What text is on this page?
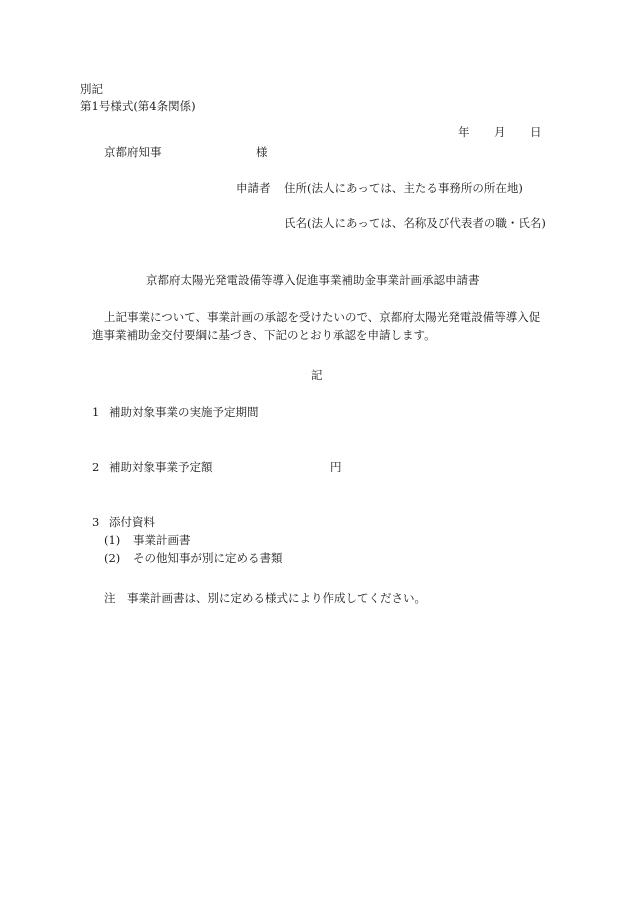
別記
第1号様式(第4条関係)
年 月 日
京都府知事	様
申請者 住所(法人にあっては、主たる事務所の所在地)
氏名(法人にあっては、名称及び代表者の職・氏名)
京都府太陽光発電設備等導入促進事業補助金事業計画承認申請書
上記事業について、事業計画の承認を受けたいので、京都府太陽光発電設備等導入促
進事業補助金交付要綱に基づき、下記のとおり承認を申請します。
記
1 補助対象事業の実施予定期間
2 補助対象事業予定額	円
3 添付資料
(1) 事業計画書
(2) その他知事が別に定める書類
注 事業計画書は、別に定める様式により作成してください。
